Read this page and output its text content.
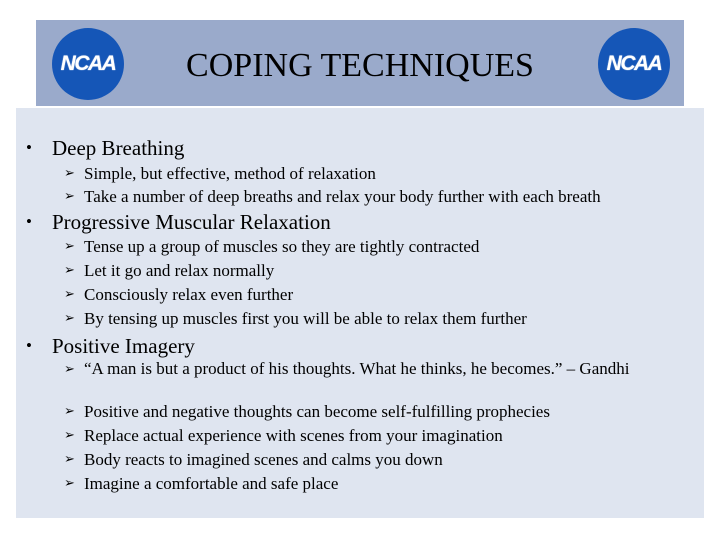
NCAA	COPING TECHNIQUES	NCAA
• Deep Breathing
➢ Simple, but effective, method of relaxation
➢ Take a number of deep breaths and relax your body further with each breath
• Progressive Muscular Relaxation
➢ Tense up a group of muscles so they are tightly contracted
➢ Let it go and relax normally
➢ Consciously relax even further
➢ By tensing up muscles first you will be able to relax them further
• Positive Imagery
➢ “A man is but a product of his thoughts. What he thinks, he becomes.” – Gandhi
➢ Positive and negative thoughts can become self-fulfilling prophecies
➢ Replace actual experience with scenes from your imagination
➢ Body reacts to imagined scenes and calms you down
➢ Imagine a comfortable and safe place
